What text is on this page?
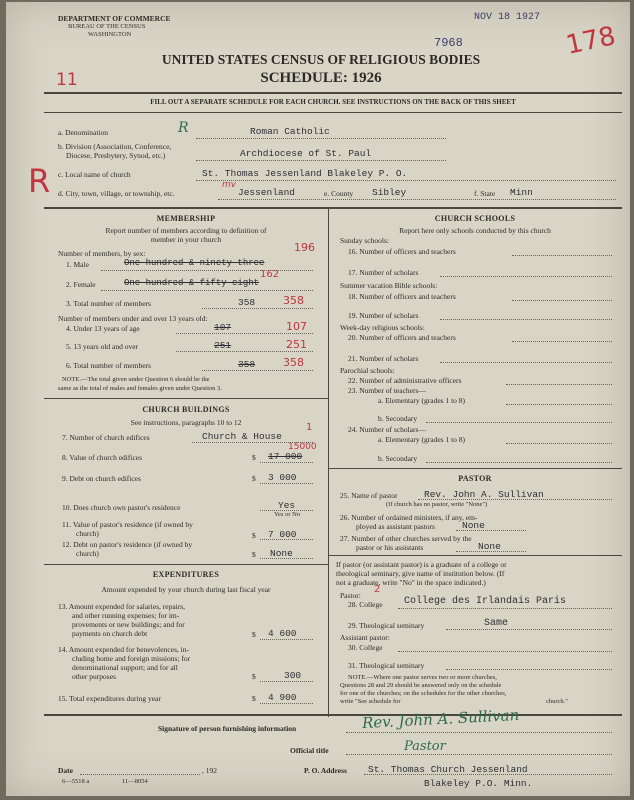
DEPARTMENT OF COMMERCE
BUREAU OF THE CENSUS
WASHINGTON
NOV 18 1927
7968	178
11
UNITED STATES CENSUS OF RELIGIOUS BODIES
SCHEDULE: 1926
FILL OUT A SEPARATE SCHEDULE FOR EACH CHURCH. SEE INSTRUCTIONS ON THE BACK OF THIS SHEET
a. Denomination	R	Roman Catholic
b. Division (Association, Conference,
Diocese, Presbytery, Synod, etc.)	Archdiocese of St. Paul
c. Local name of church	St. Thomas Jessenland Blakeley P. O.
R d. City, town, village, or township, etc.
mv
Jessenland	e. County Sibley	f. State Minn
MEMBERSHIP
Report number of members according to definition of
member in your church
Number of members, by sex:
1. Male	One hundred & ninety three
196
2. Female	One hundred & fifty eight
162
3. Total number of members	358	358
Number of members under and over 13 years old:
4. Under 13 years of age	107	107
5. 13 years old and over	251	251
6. Total number of members	358	358
NOTE.—The total given under Question 6 should be the
same as the total of males and females given under Question 3.
CHURCH BUILDINGS
See instructions, paragraphs 10 to 12
7. Number of church edifices	Church & House
1
8. Value of church edifices	$ 17 000
15000
9. Debt on church edifices	$ 3 000
10. Does church own pastor's residence	Yes
Yes or No
11. Value of pastor's residence (if owned by
church)	$ 7 000
12. Debt on pastor's residence (if owned by
church)	$ None
EXPENDITURES
Amount expended by your church during last fiscal year
13. Amount expended for salaries, repairs,
and other running expenses; for im-
provements or new buildings; and for
payments on church debt	$ 4 600
14. Amount expended for benevolences, in-
cluding home and foreign missions; for
denominational support; and for all
other purposes	$	300
15. Total expenditures during year	$ 4 900
CHURCH SCHOOLS
Report here only schools conducted by this church
Sunday schools:
16. Number of officers and teachers
17. Number of scholars
Summer vacation Bible schools:
18. Number of officers and teachers
19. Number of scholars
Week-day religious schools:
20. Number of officers and teachers
21. Number of scholars
Parochial schools:
22. Number of administrative officers
23. Number of teachers—
a. Elementary (grades 1 to 8)
b. Secondary
24. Number of scholars—
a. Elementary (grades 1 to 8)
b. Secondary
PASTOR
25. Name of pastor	Rev. John A. Sullivan
(If church has no pastor, write "None")
26. Number of ordained ministers, if any, em-
ployed as assistant pastors	None
27. Number of other churches served by the
pastor or his assistants	None
If pastor (or assistant pastor) is a graduate of a college or
theological seminary, give name of institution below. (If
not a graduate, write "No" in the space indicated.)
Pastor:
2
28. College College des Irlandais Paris
29. Theological seminary	Same
Assistant pastor:
30. College
31. Theological seminary
NOTE.—Where one pastor serves two or more churches,
Questions 28 and 29 should be answered only on the schedule
for one of the churches; on the schedules for the other churches,
write "See schedule for	church."
Signature of person furnishing information	Rev. John A. Sullivan
Official title	Pastor
Date	, 192	P. O. Address St. Thomas Church Jessenland
Blakeley P.O. Minn.
6—5518 a	11—8054
